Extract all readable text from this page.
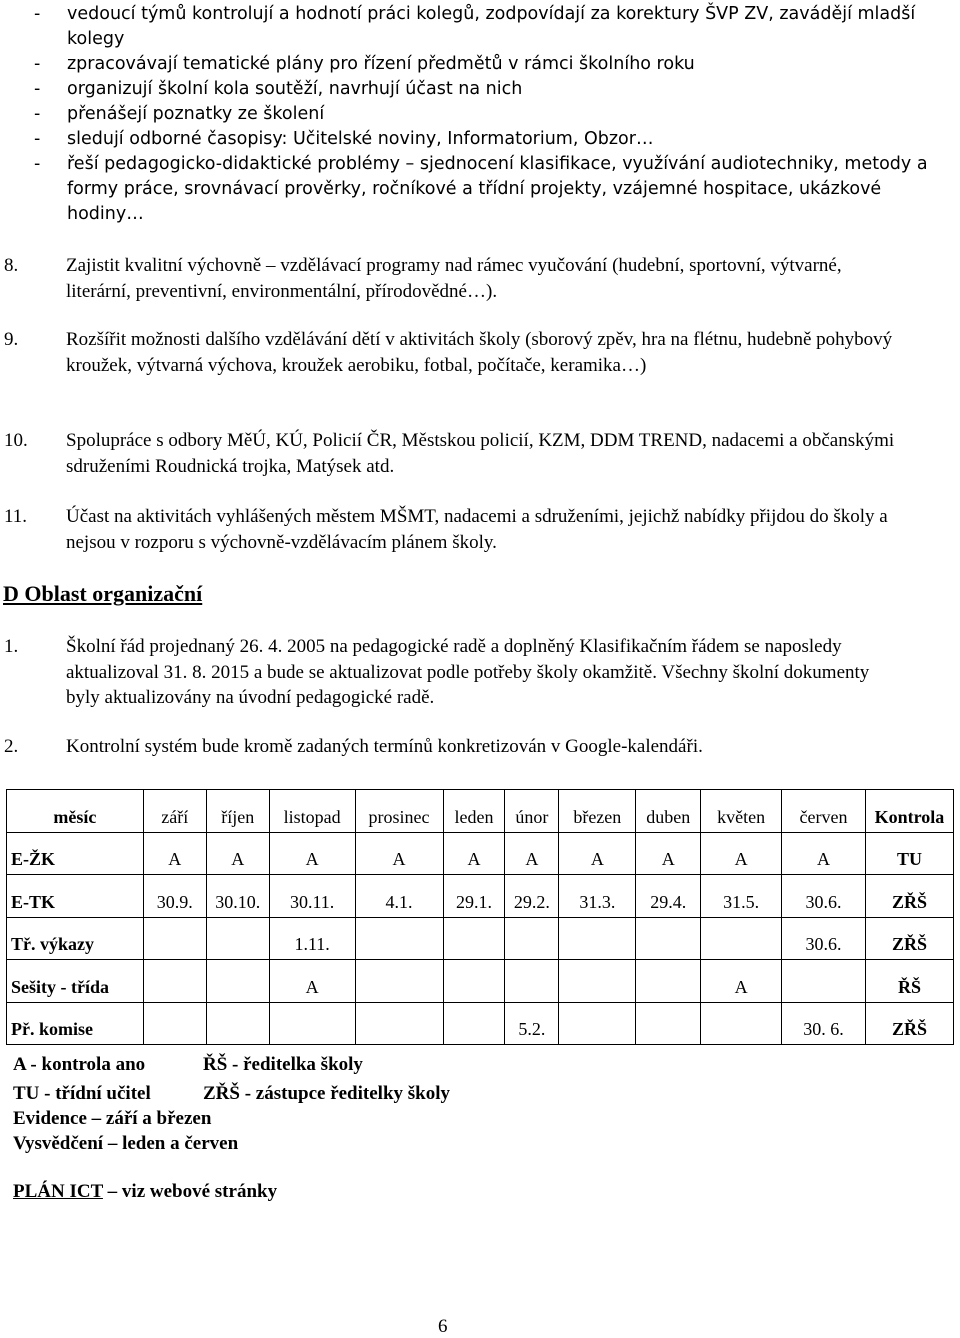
-	vedoucí týmů kontrolují a hodnotí práci kolegů, zodpovídají za korektury ŠVP ZV, zavádějí mladší kolegy
-	zpracovávají tematické plány pro řízení předmětů v rámci školního roku
-	organizují školní kola soutěží, navrhují účast na nich
-	přenášejí poznatky ze školení
-	sledují odborné časopisy: Učitelské noviny, Informatorium, Obzor…
-	řeší pedagogicko-didaktické problémy – sjednocení klasifikace, využívání audiotechniky, metody a formy práce, srovnávací prověrky, ročníkové a třídní projekty, vzájemné hospitace, ukázkové hodiny…
8.	Zajistit kvalitní výchovně – vzdělávací programy nad rámec vyučování (hudební, sportovní, výtvarné, literární, preventivní, environmentální, přírodovědné…).
9.	Rozšířit možnosti dalšího vzdělávání dětí v aktivitách školy (sborový zpěv, hra na flétnu, hudebně pohybový kroužek, výtvarná výchova, kroužek aerobiku, fotbal, počítače, keramika…)
10.	Spolupráce s odbory MěÚ, KÚ, Policií ČR, Městskou policií, KZM, DDM TREND, nadacemi a občanskými sdruženími Roudnická trojka, Matýsek atd.
11.	Účast na aktivitách vyhlášených městem MŠMT, nadacemi a sdruženími, jejichž nabídky přijdou do školy a nejsou v rozporu s výchovně-vzdělávacím plánem školy.
D Oblast organizační
1.	Školní řád projednaný 26. 4. 2005 na pedagogické radě a doplněný Klasifikačním řádem se naposledy aktualizoval 31. 8. 2015 a bude se aktualizovat podle potřeby školy okamžitě. Všechny školní dokumenty byly aktualizovány na úvodní pedagogické radě.
2.	Kontrolní systém bude kromě zadaných termínů konkretizován v Google-kalendáři.
měsíc	září	říjen	listopad	prosinec	leden	únor	březen	duben	květen	červen	Kontrola
E-ŽK	A	A	A	A	A	A	A	A	A	A	TU
E-TK	30.9.	30.10.	30.11.	4.1.	29.1.	29.2.	31.3.	29.4.	31.5.	30.6.	ZŘŠ
Tř. výkazy			1.11.							30.6.	ZŘŠ
Sešity - třída			A						A		ŘŠ
Př. komise						5.2.				30. 6.	ZŘŠ
A - kontrola ano	ŘŠ - ředitelka školy
TU - třídní učitel	ZŘŠ - zástupce ředitelky školy
Evidence – září a březen
Vysvědčení – leden a červen
PLÁN ICT – viz webové stránky
6
